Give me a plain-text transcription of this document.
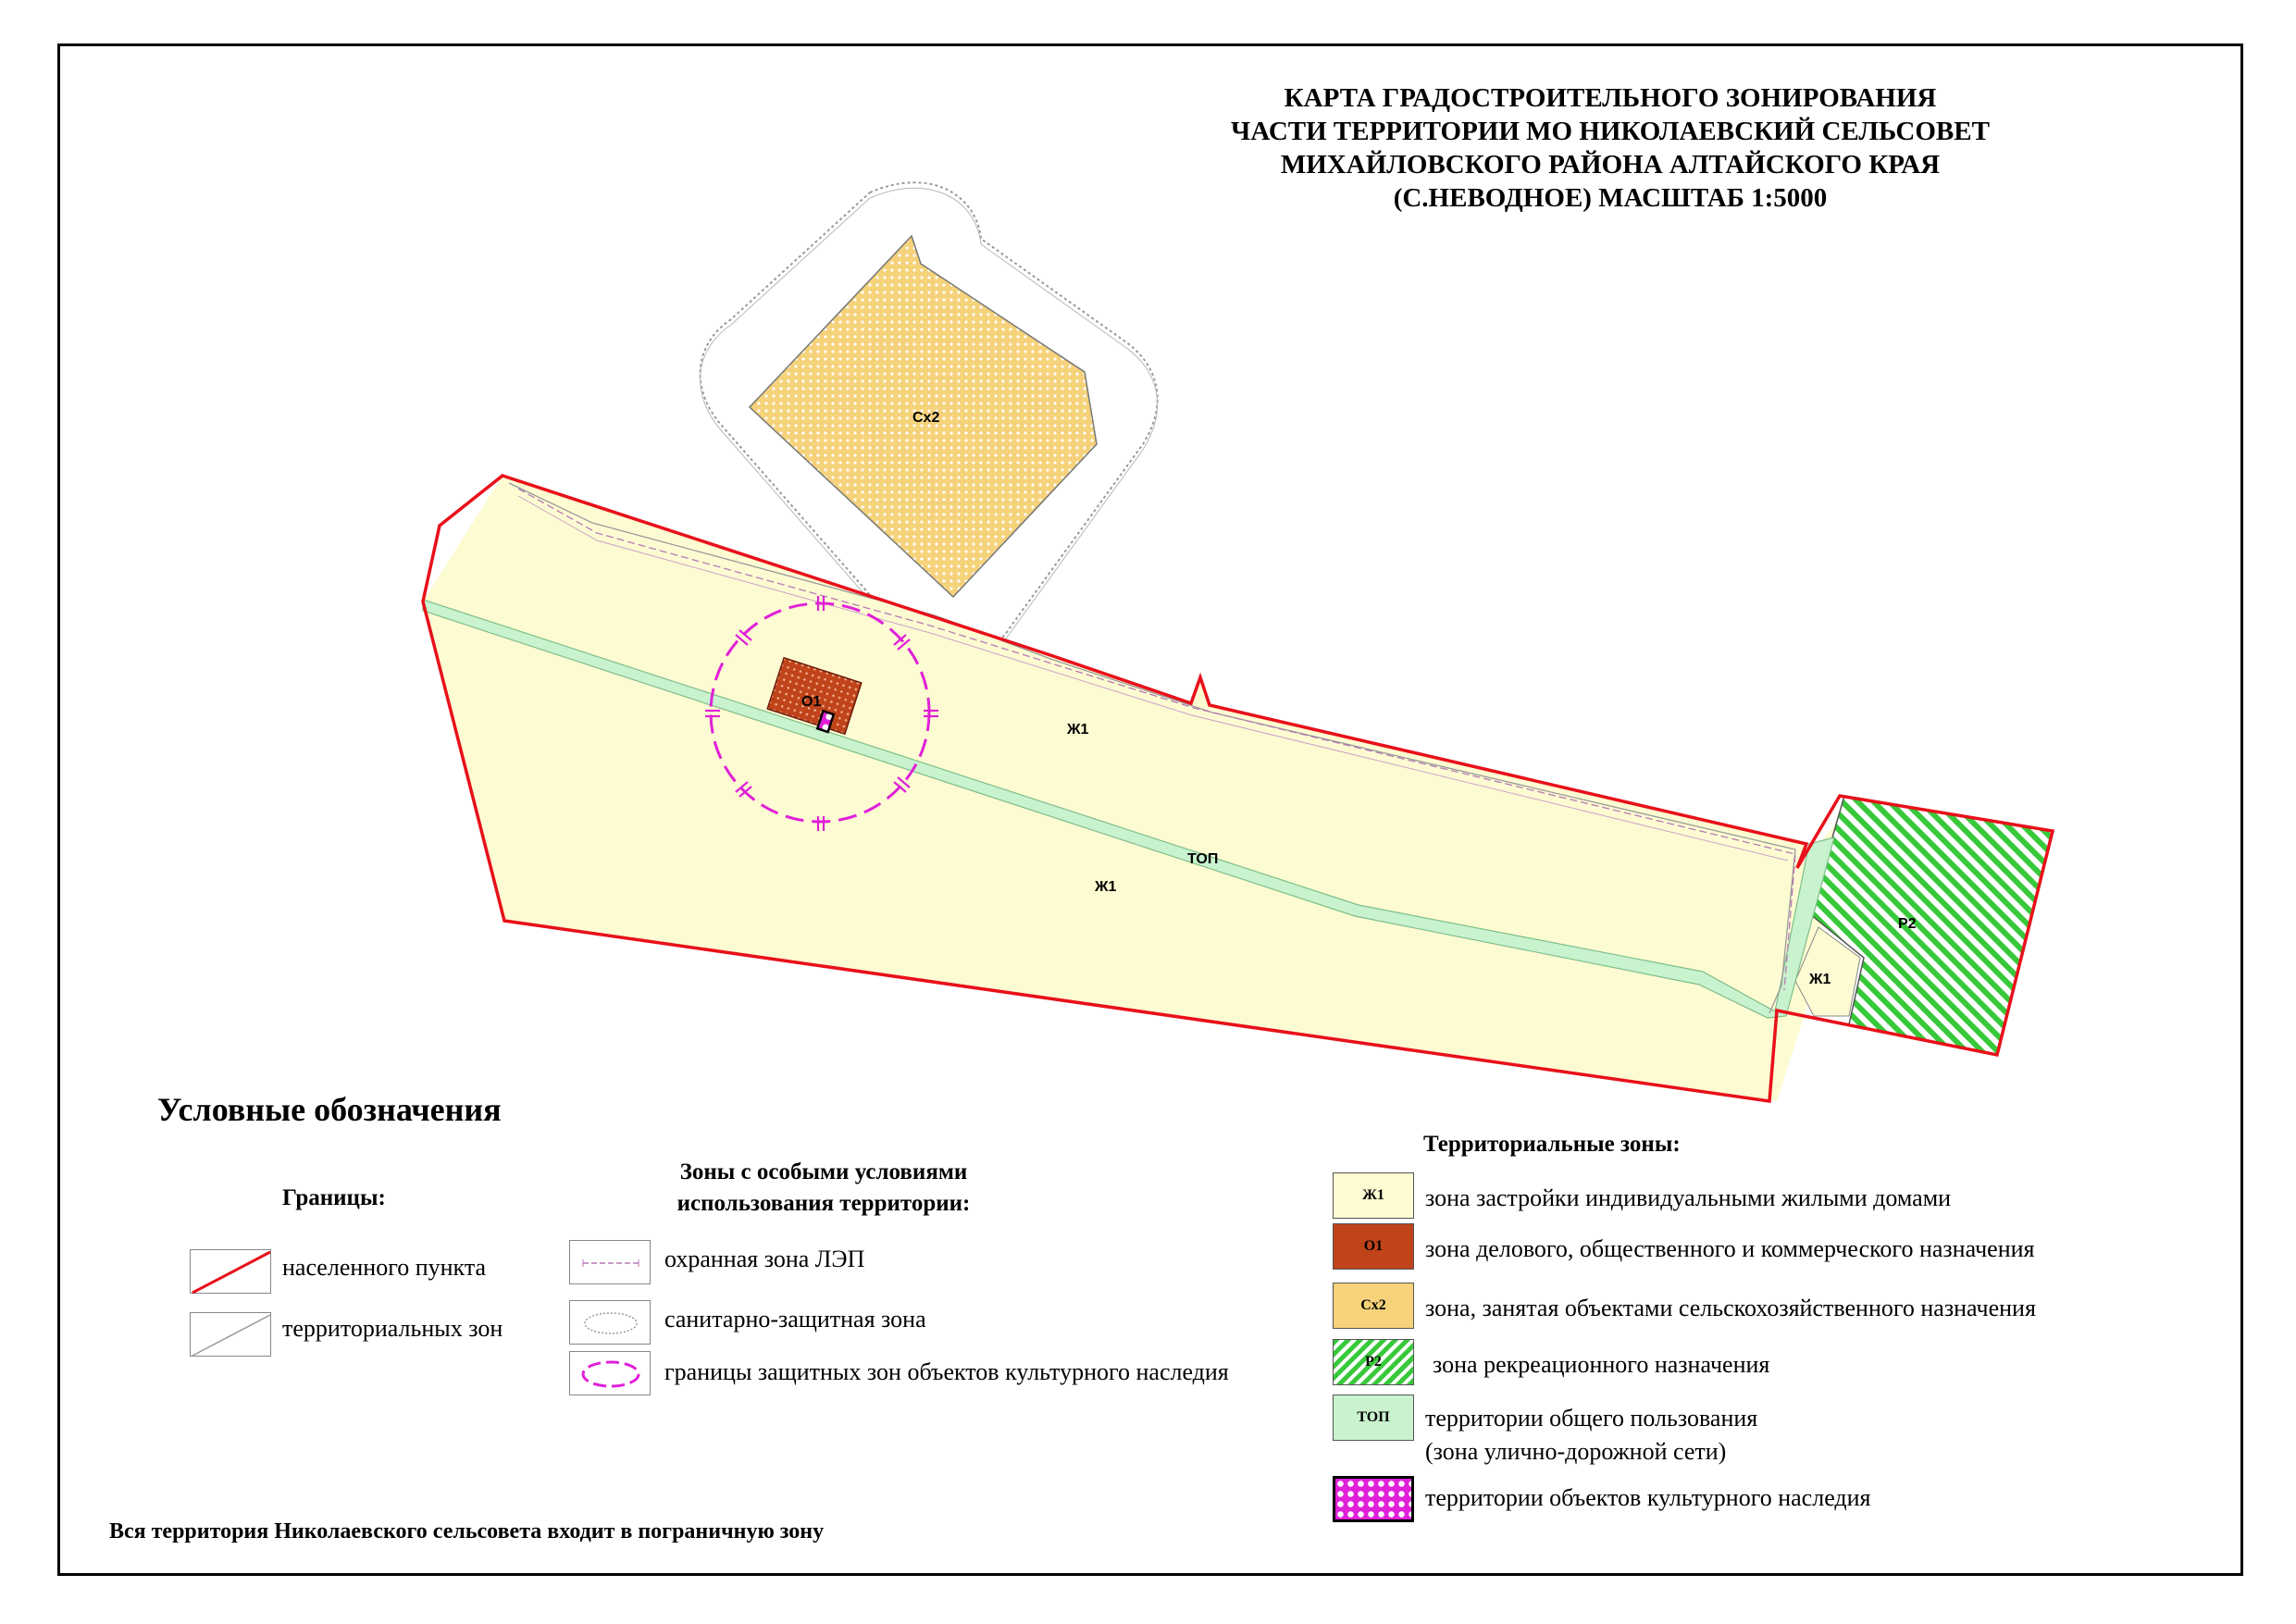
Сх2
О1
Ж1
Ж1
ТОП
Ж1
Р2
КАРТА ГРАДОСТРОИТЕЛЬНОГО ЗОНИРОВАНИЯ
ЧАСТИ ТЕРРИТОРИИ МО НИКОЛАЕВСКИЙ СЕЛЬСОВЕТ
МИХАЙЛОВСКОГО РАЙОНА АЛТАЙСКОГО КРАЯ
(С.НЕВОДНОЕ) МАСШТАБ 1:5000
Условные обозначения
Границы:
населенного пункта
территориальных зон
Зоны с особыми условиями
использования территории:
охранная зона ЛЭП
санитарно-защитная зона
границы защитных зон объектов культурного наследия
Территориальные зоны:
Ж1	зона застройки индивидуальными жилыми домами
О1	зона делового, общественного и коммерческого назначения
Сх2	зона, занятая объектами сельскохозяйственного назначения
Р2	зона рекреационного назначения
ТОП	территории общего пользования
(зона улично-дорожной сети)
территории объектов культурного наследия
Вся территория Николаевского сельсовета входит в пограничную зону
